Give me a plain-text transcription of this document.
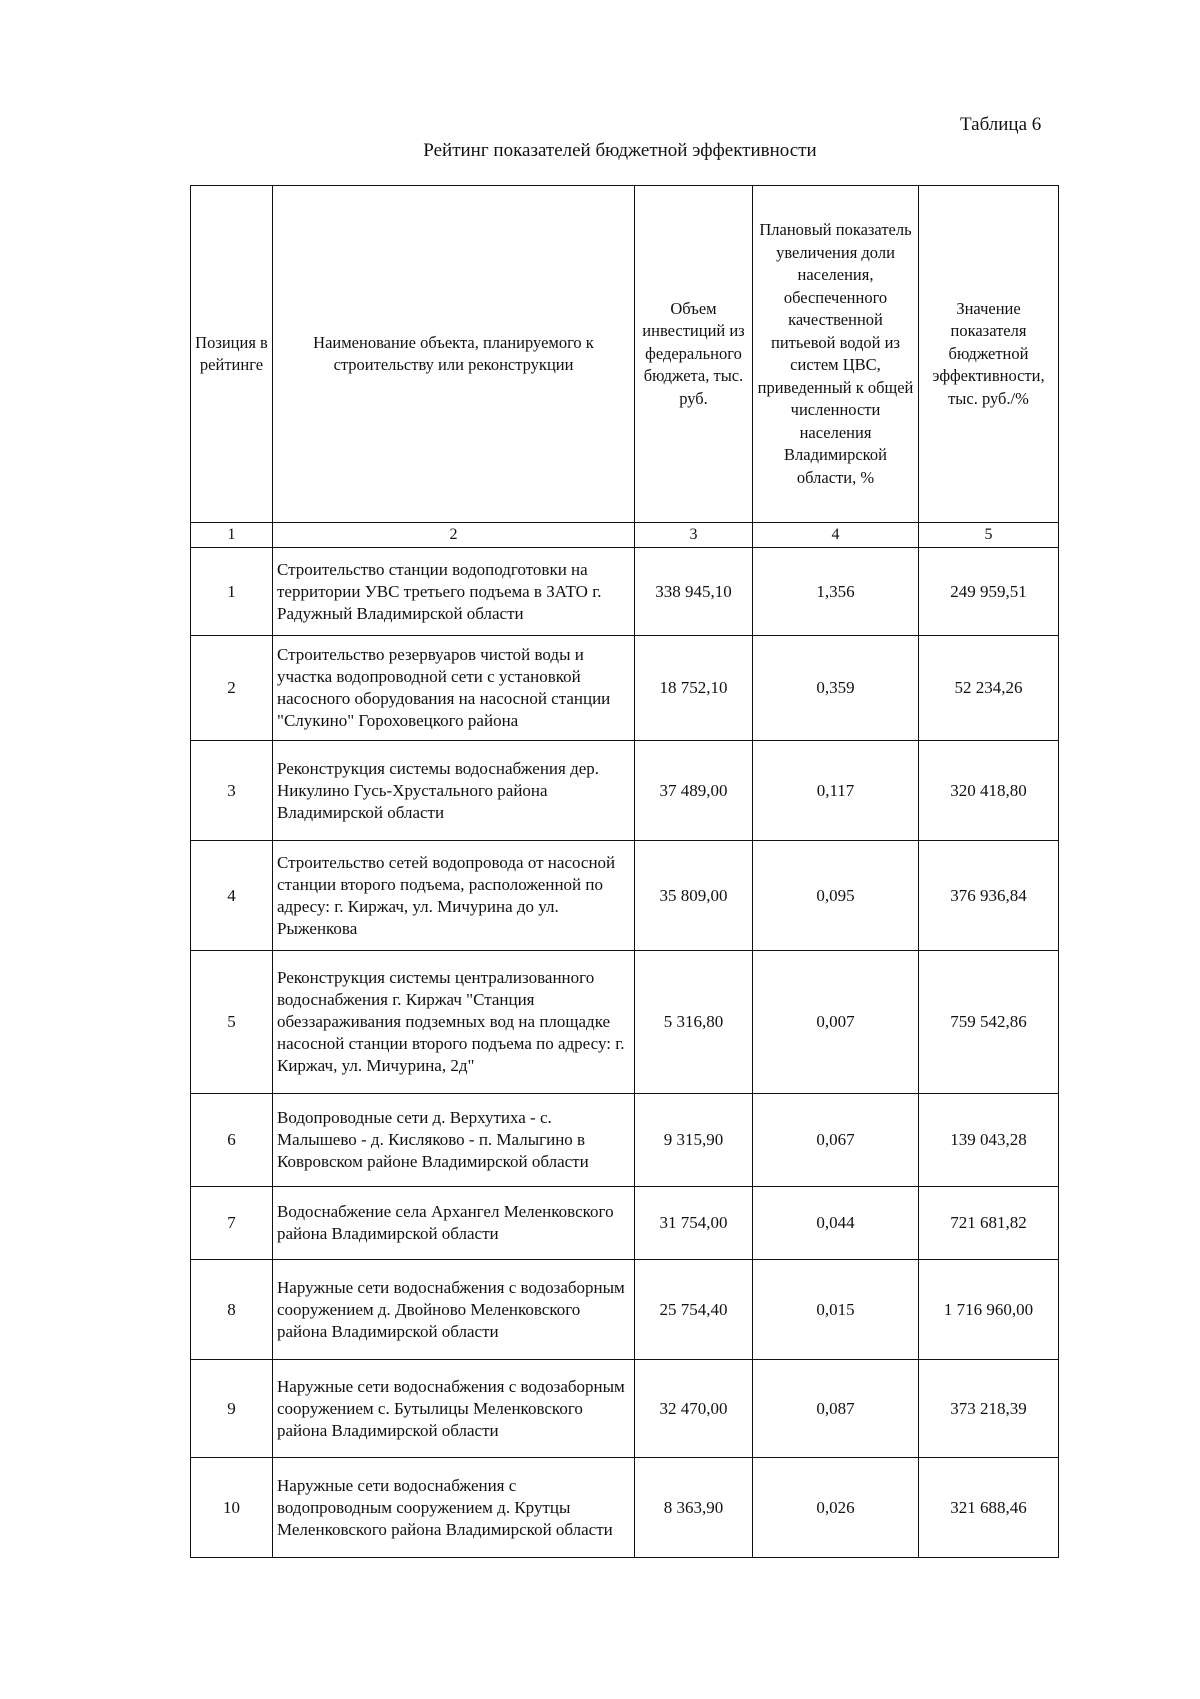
Таблица 6
Рейтинг показателей бюджетной эффективности
Позиция в рейтинге	Наименование объекта, планируемого к строительству или реконструкции	Объем инвестиций из федерального бюджета, тыс. руб.	Плановый показатель увеличения доли населения, обеспеченного качественной питьевой водой из систем ЦВС, приведенный к общей численности населения Владимирской области, %	Значение показателя бюджетной эффективности, тыс. руб./%
1	2	3	4	5
1	Строительство станции водоподготовки на территории УВС третьего подъема в ЗАТО г. Радужный Владимирской области	338 945,10	1,356	249 959,51
2	Строительство резервуаров чистой воды и участка водопроводной сети с установкой насосного оборудования на насосной станции "Слукино" Гороховецкого района	18 752,10	0,359	52 234,26
3	Реконструкция системы водоснабжения дер. Никулино Гусь-Хрустального района Владимирской области	37 489,00	0,117	320 418,80
4	Строительство сетей водопровода от насосной станции второго подъема, расположенной по адресу: г. Киржач, ул. Мичурина до ул. Рыженкова	35 809,00	0,095	376 936,84
5	Реконструкция системы централизованного водоснабжения г. Киржач "Станция обеззараживания подземных вод на площадке насосной станции второго подъема по адресу: г. Киржач, ул. Мичурина, 2д"	5 316,80	0,007	759 542,86
6	Водопроводные сети д. Верхутиха - с. Малышево - д. Кисляково - п. Малыгино в Ковровском районе Владимирской области	9 315,90	0,067	139 043,28
7	Водоснабжение села Архангел Меленковского района Владимирской области	31 754,00	0,044	721 681,82
8	Наружные сети водоснабжения с водозаборным сооружением д. Двойново Меленковского района Владимирской области	25 754,40	0,015	1 716 960,00
9	Наружные сети водоснабжения с водозаборным сооружением с. Бутылицы Меленковского района Владимирской области	32 470,00	0,087	373 218,39
10	Наружные сети водоснабжения с водопроводным сооружением д. Крутцы Меленковского района Владимирской области	8 363,90	0,026	321 688,46
